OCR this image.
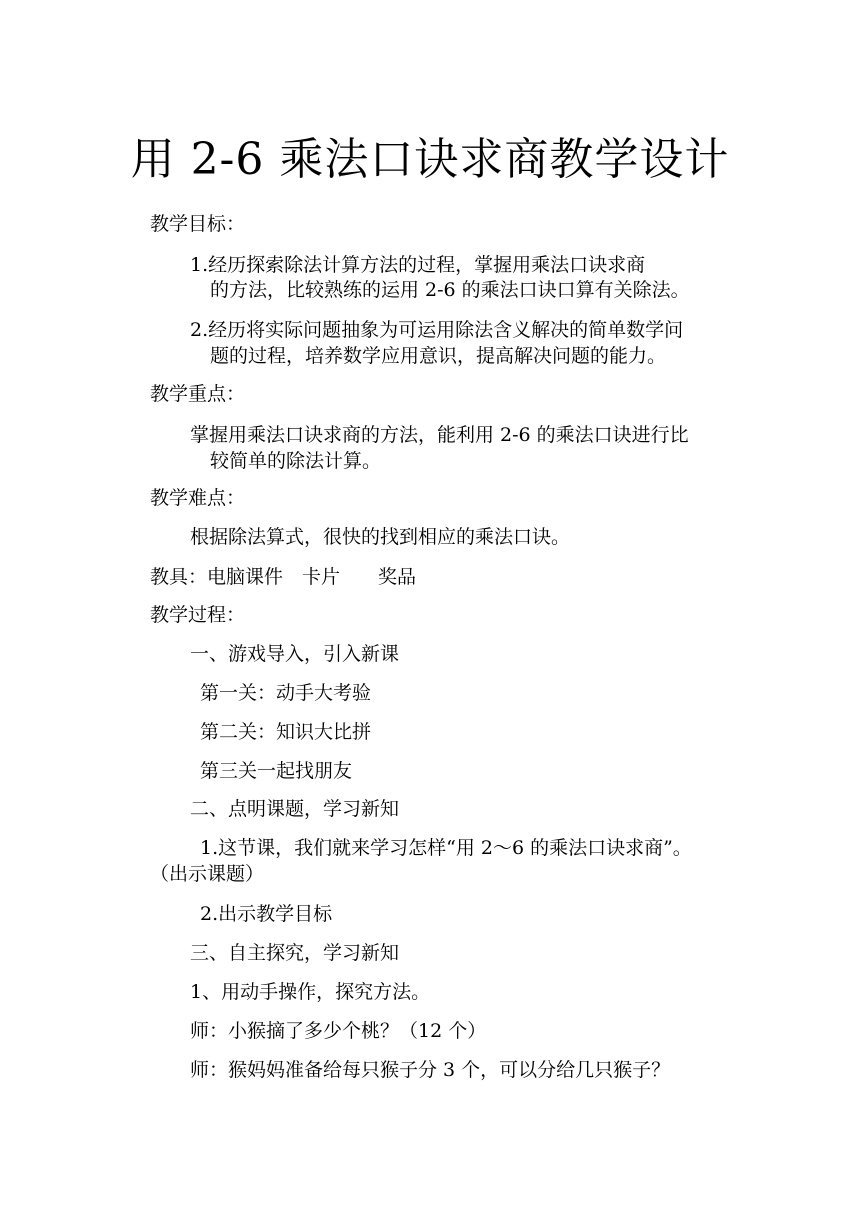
用 2-6 乘法口诀求商教学设计
教学目标：
1.经历探索除法计算方法的过程，掌握用乘法口诀求商
的方法，比较熟练的运用 2-6 的乘法口诀口算有关除法。
2.经历将实际问题抽象为可运用除法含义解决的简单数学问
题的过程，培养数学应用意识，提高解决问题的能力。
教学重点：
掌握用乘法口诀求商的方法，能利用 2-6 的乘法口诀进行比
较简单的除法计算。
教学难点：
根据除法算式，很快的找到相应的乘法口诀。
教具：电脑课件　卡片　　奖品
教学过程：
一、游戏导入，引入新课
第一关：动手大考验
第二关：知识大比拼
第三关一起找朋友
二、点明课题，学习新知
1.这节课，我们就来学习怎样“用 2～6 的乘法口诀求商”。
（出示课题）
2.出示教学目标
三、自主探究，学习新知
1、用动手操作，探究方法。
师：小猴摘了多少个桃？（12 个）
师：猴妈妈准备给每只猴子分 3 个，可以分给几只猴子？
